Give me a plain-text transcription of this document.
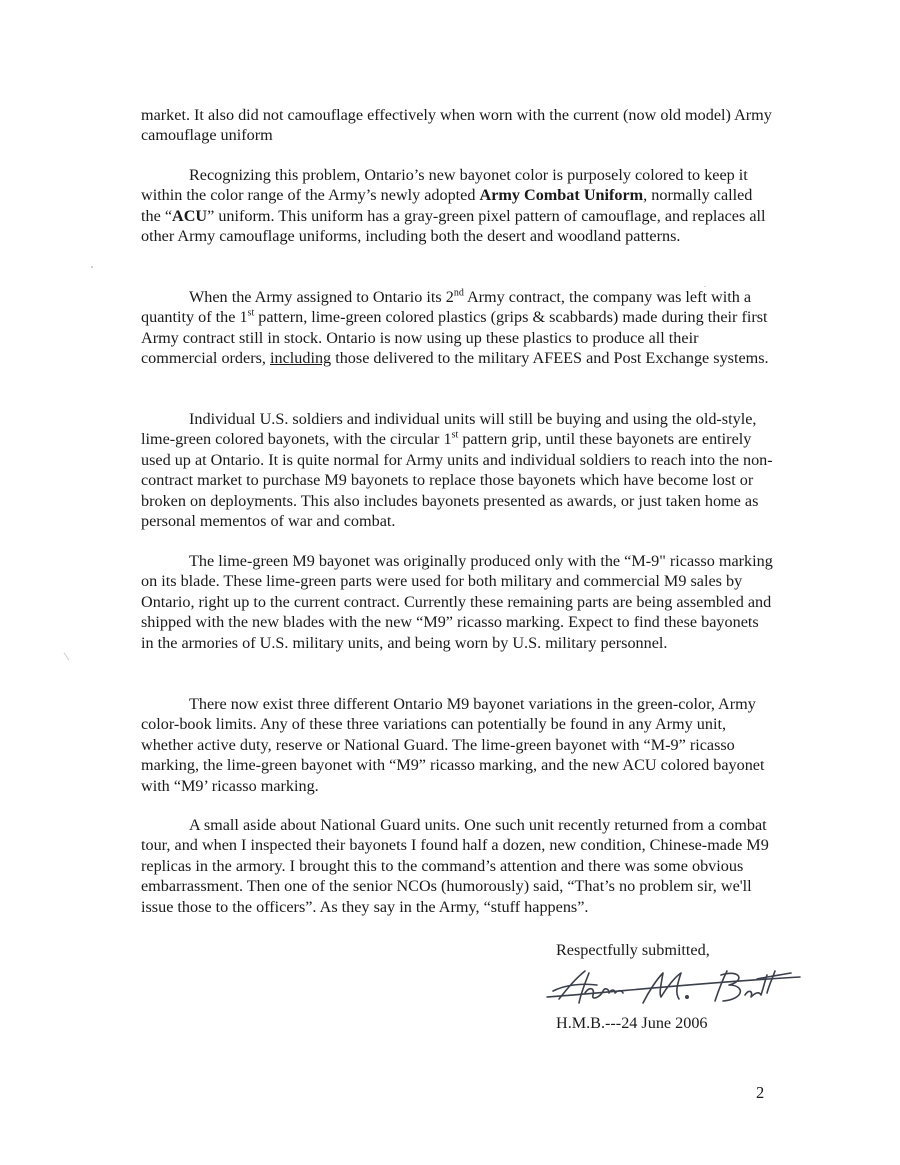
market. It also did not camouflage effectively when worn with the current (now old model) Army camouflage uniform
Recognizing this problem, Ontario’s new bayonet color is purposely colored to keep it within the color range of the Army’s newly adopted Army Combat Uniform, normally called the “ACU” uniform. This uniform has a gray-green pixel pattern of camouflage, and replaces all other Army camouflage uniforms, including both the desert and woodland patterns.
When the Army assigned to Ontario its 2nd Army contract, the company was left with a quantity of the 1st pattern, lime-green colored plastics (grips & scabbards) made during their first Army contract still in stock. Ontario is now using up these plastics to produce all their commercial orders, including those delivered to the military AFEES and Post Exchange systems.
Individual U.S. soldiers and individual units will still be buying and using the old-style, lime-green colored bayonets, with the circular 1st pattern grip, until these bayonets are entirely used up at Ontario. It is quite normal for Army units and individual soldiers to reach into the non-contract market to purchase M9 bayonets to replace those bayonets which have become lost or broken on deployments. This also includes bayonets presented as awards, or just taken home as personal mementos of war and combat.
The lime-green M9 bayonet was originally produced only with the “M-9" ricasso marking on its blade. These lime-green parts were used for both military and commercial M9 sales by Ontario, right up to the current contract. Currently these remaining parts are being assembled and shipped with the new blades with the new “M9” ricasso marking. Expect to find these bayonets in the armories of U.S. military units, and being worn by U.S. military personnel.
There now exist three different Ontario M9 bayonet variations in the green-color, Army color-book limits. Any of these three variations can potentially be found in any Army unit, whether active duty, reserve or National Guard. The lime-green bayonet with “M-9” ricasso marking, the lime-green bayonet with “M9” ricasso marking, and the new ACU colored bayonet with “M9’ ricasso marking.
A small aside about National Guard units. One such unit recently returned from a combat tour, and when I inspected their bayonets I found half a dozen, new condition, Chinese-made M9 replicas in the armory. I brought this to the command’s attention and there was some obvious embarrassment. Then one of the senior NCOs (humorously) said, “That’s no problem sir, we'll issue those to the officers”. As they say in the Army, “stuff happens”.
Respectfully submitted,
H.M.B.---24 June 2006
2
